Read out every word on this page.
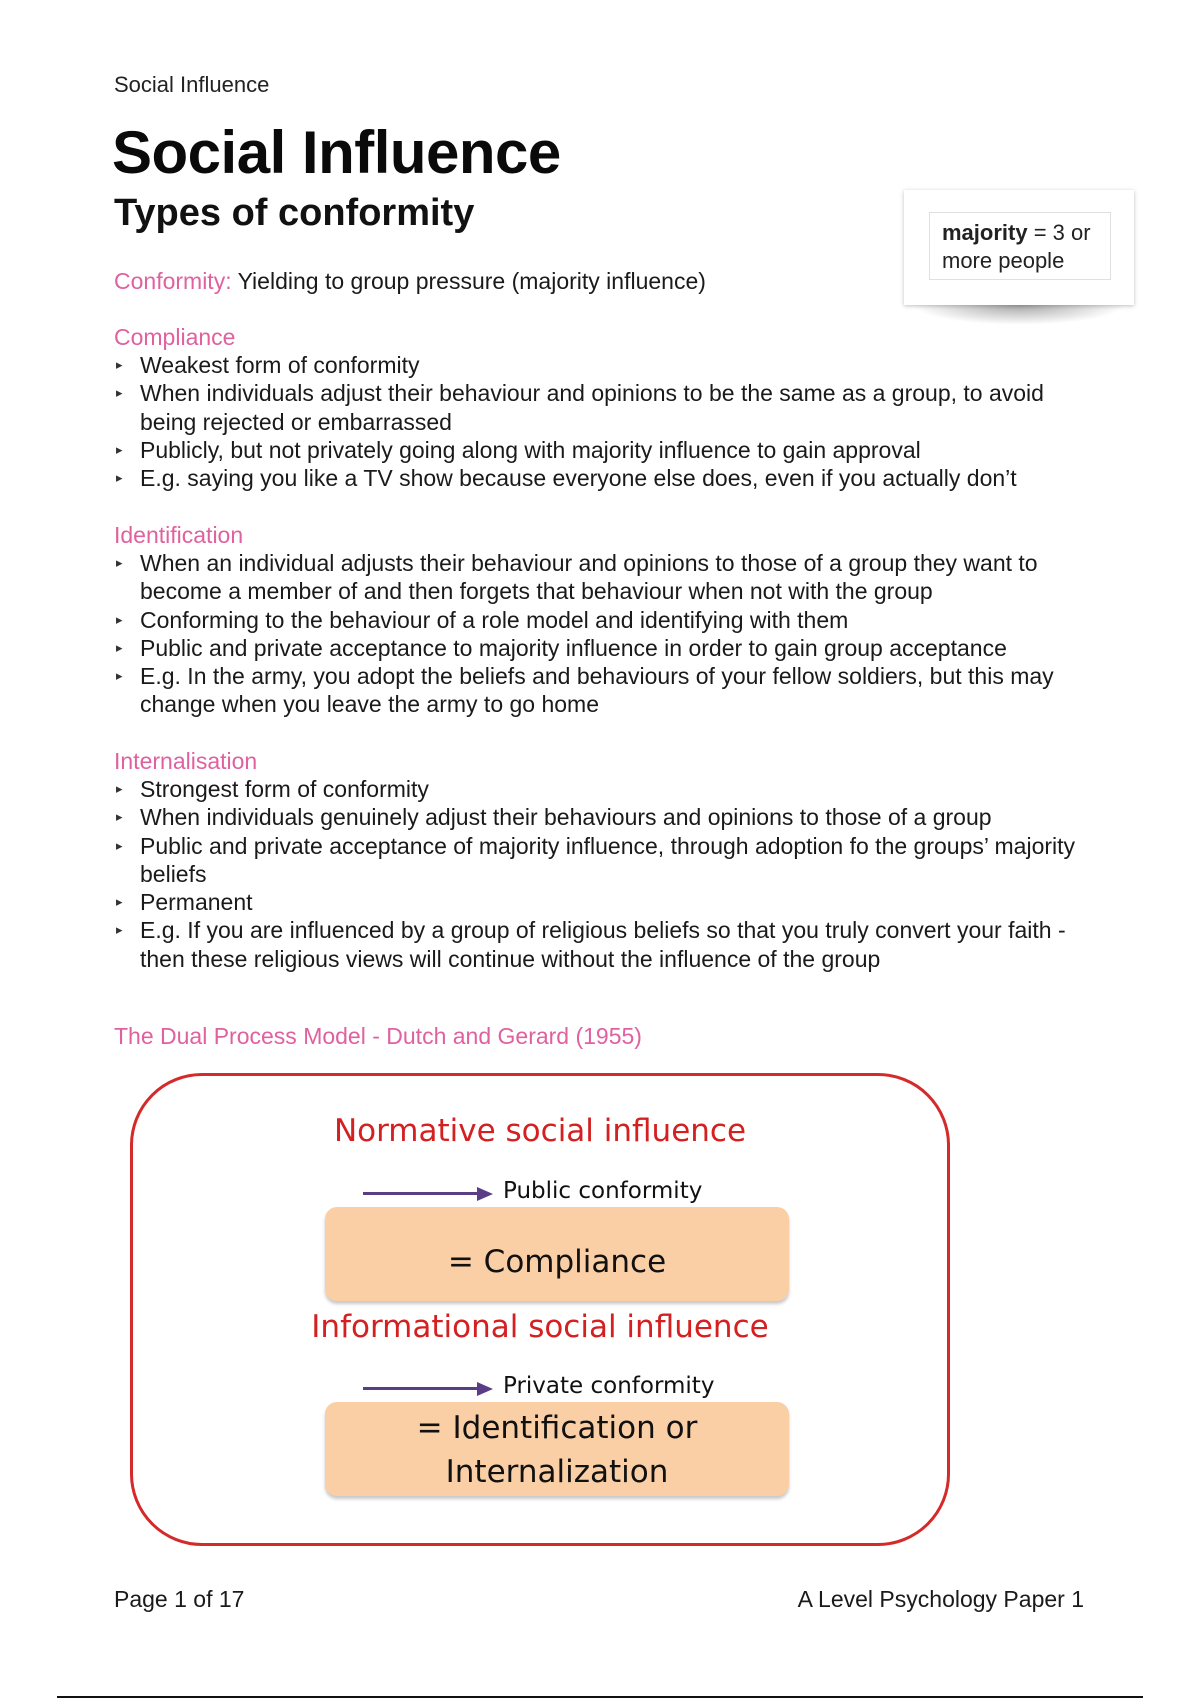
Social Influence
Social Influence
Types of conformity	majority = 3 or more people
Conformity: Yielding to group pressure (majority influence)
Compliance
▸ Weakest form of conformity
▸ When individuals adjust their behaviour and opinions to be the same as a group, to avoid being rejected or embarrassed
▸ Publicly, but not privately going along with majority influence to gain approval
▸ E.g. saying you like a TV show because everyone else does, even if you actually don’t
Identification
▸ When an individual adjusts their behaviour and opinions to those of a group they want to become a member of and then forgets that behaviour when not with the group
▸ Conforming to the behaviour of a role model and identifying with them
▸ Public and private acceptance to majority influence in order to gain group acceptance
▸ E.g. In the army, you adopt the beliefs and behaviours of your fellow soldiers, but this may change when you leave the army to go home
Internalisation
▸ Strongest form of conformity
▸ When individuals genuinely adjust their behaviours and opinions to those of a group
▸ Public and private acceptance of majority influence, through adoption fo the groups’ majority beliefs
▸ Permanent
▸ E.g. If you are influenced by a group of religious beliefs so that you truly convert your faith - then these religious views will continue without the influence of the group
The Dual Process Model - Dutch and Gerard (1955)
Normative social influence
Public conformity
= Compliance
Informational social influence
Private conformity
= Identification or
Internalization
Page 1 of 17	A Level Psychology Paper 1
